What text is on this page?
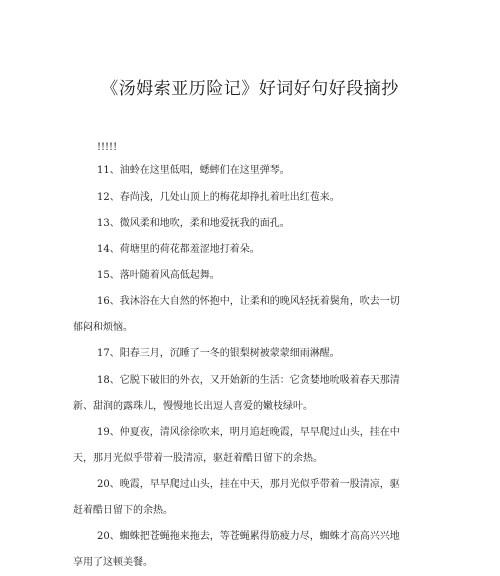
《汤姆索亚历险记》好词好句好段摘抄

!!!!!

11、油蛉在这里低唱，蟋蟀们在这里弹琴。

12、春尚浅，几处山顶上的梅花却挣扎着吐出红苞来。

13、微风柔和地吹，柔和地爱抚我的面孔。

14、荷塘里的荷花都羞涩地打着朵。

15、落叶随着风高低起舞。

16、我沐浴在大自然的怀抱中，让柔和的晚风轻抚着鬓角，吹去一切郁闷和烦恼。

17、阳春三月，沉睡了一冬的银梨树被蒙蒙细雨淋醒。

18、它脱下破旧的外衣，又开始新的生活：它贪婪地吮吸着春天那清新、甜润的露珠儿，慢慢地长出逗人喜爱的嫩枝绿叶。

19、仲夏夜，清风徐徐吹来，明月追赶晚霞，早早爬过山头，挂在中天，那月光似乎带着一股清凉，驱赶着酷日留下的余热。

20、晚霞，早早爬过山头，挂在中天，那月光似乎带着一股清凉，驱赶着酷日留下的余热。

20、蜘蛛把苍蝇拖来拖去，等苍蝇累得筋疲力尽，蜘蛛才高高兴兴地享用了这顿美餐。
